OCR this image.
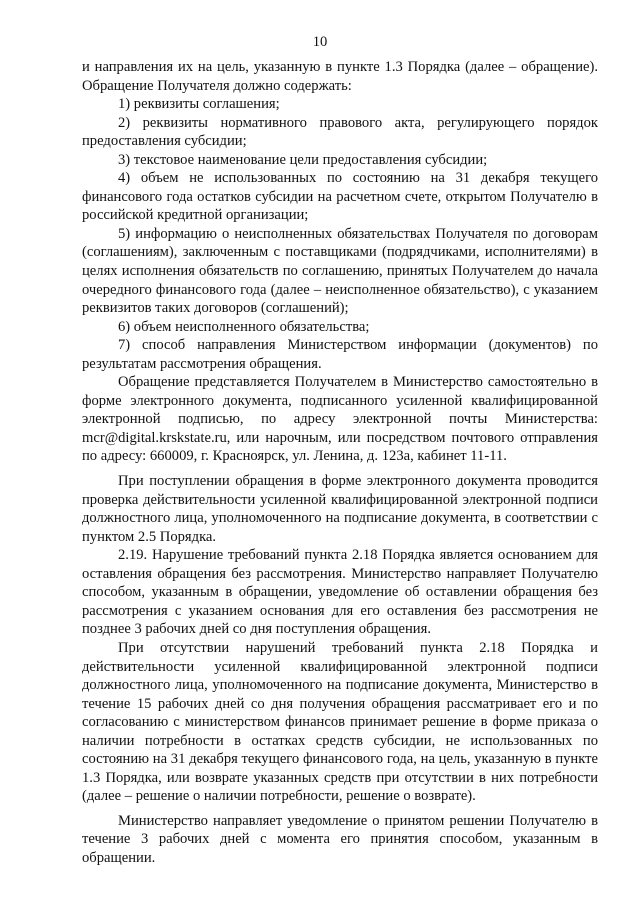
10

и направления их на цель, указанную в пункте 1.3 Порядка (далее – обращение). Обращение Получателя должно содержать:

1) реквизиты соглашения;

2) реквизиты нормативного правового акта, регулирующего порядок предоставления субсидии;

3) текстовое наименование цели предоставления субсидии;

4) объем не использованных по состоянию на 31 декабря текущего финансового года остатков субсидии на расчетном счете, открытом Получателю в российской кредитной организации;

5) информацию о неисполненных обязательствах Получателя по договорам (соглашениям), заключенным с поставщиками (подрядчиками, исполнителями) в целях исполнения обязательств по соглашению, принятых Получателем до начала очередного финансового года (далее – неисполненное обязательство), с указанием реквизитов таких договоров (соглашений);

6) объем неисполненного обязательства;

7) способ направления Министерством информации (документов) по результатам рассмотрения обращения.

Обращение представляется Получателем в Министерство самостоятельно в форме электронного документа, подписанного усиленной квалифицированной электронной подписью, по адресу электронной почты Министерства: mcr@digital.krskstate.ru, или нарочным, или посредством почтового отправления по адресу: 660009, г. Красноярск, ул. Ленина, д. 123а, кабинет 11-11.

При поступлении обращения в форме электронного документа проводится проверка действительности усиленной квалифицированной электронной подписи должностного лица, уполномоченного на подписание документа, в соответствии с пунктом 2.5 Порядка.

2.19. Нарушение требований пункта 2.18 Порядка является основанием для оставления обращения без рассмотрения. Министерство направляет Получателю способом, указанным в обращении, уведомление об оставлении обращения без рассмотрения с указанием основания для его оставления без рассмотрения не позднее 3 рабочих дней со дня поступления обращения.

При отсутствии нарушений требований пункта 2.18 Порядка и действительности усиленной квалифицированной электронной подписи должностного лица, уполномоченного на подписание документа, Министерство в течение 15 рабочих дней со дня получения обращения рассматривает его и по согласованию с министерством финансов принимает решение в форме приказа о наличии потребности в остатках средств субсидии, не использованных по состоянию на 31 декабря текущего финансового года, на цель, указанную в пункте 1.3 Порядка, или возврате указанных средств при отсутствии в них потребности (далее – решение о наличии потребности, решение о возврате).

Министерство направляет уведомление о принятом решении Получателю в течение 3 рабочих дней с момента его принятия способом, указанным в обращении.
